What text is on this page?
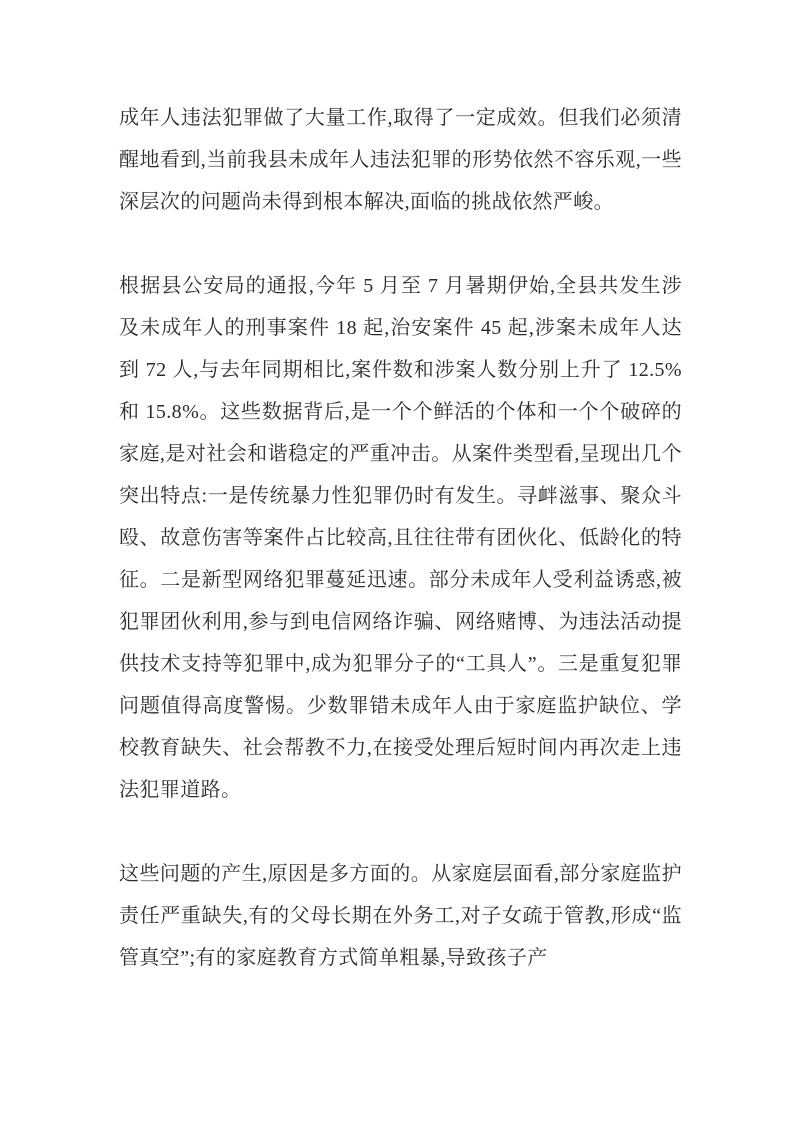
成年人违法犯罪做了大量工作,取得了一定成效。但我们必须清醒地看到,当前我县未成年人违法犯罪的形势依然不容乐观,一些深层次的问题尚未得到根本解决,面临的挑战依然严峻。

根据县公安局的通报,今年 5 月至 7 月暑期伊始,全县共发生涉及未成年人的刑事案件 18 起,治安案件 45 起,涉案未成年人达到 72 人,与去年同期相比,案件数和涉案人数分别上升了 12.5%和 15.8%。这些数据背后,是一个个鲜活的个体和一个个破碎的家庭,是对社会和谐稳定的严重冲击。从案件类型看,呈现出几个突出特点:一是传统暴力性犯罪仍时有发生。寻衅滋事、聚众斗殴、故意伤害等案件占比较高,且往往带有团伙化、低龄化的特征。二是新型网络犯罪蔓延迅速。部分未成年人受利益诱惑,被犯罪团伙利用,参与到电信网络诈骗、网络赌博、为违法活动提供技术支持等犯罪中,成为犯罪分子的“工具人”。三是重复犯罪问题值得高度警惕。少数罪错未成年人由于家庭监护缺位、学校教育缺失、社会帮教不力,在接受处理后短时间内再次走上违法犯罪道路。

这些问题的产生,原因是多方面的。从家庭层面看,部分家庭监护责任严重缺失,有的父母长期在外务工,对子女疏于管教,形成“监管真空”;有的家庭教育方式简单粗暴,导致孩子产
